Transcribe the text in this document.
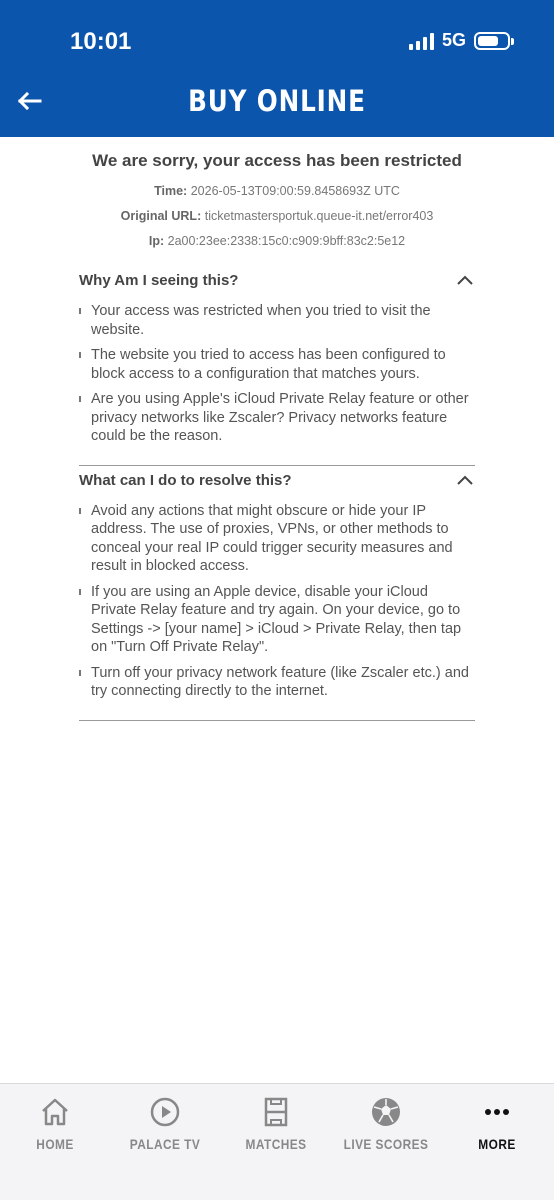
10:01	5G
BUY ONLINE
We are sorry, your access has been restricted
Time: 2026-05-13T09:00:59.8458693Z UTC
Original URL: ticketmastersportuk.queue-it.net/error403
Ip: 2a00:23ee:2338:15c0:c909:9bff:83c2:5e12
Why Am I seeing this?
Your access was restricted when you tried to visit the website.
The website you tried to access has been configured to block access to a configuration that matches yours.
Are you using Apple's iCloud Private Relay feature or other privacy networks like Zscaler? Privacy networks feature could be the reason.
What can I do to resolve this?
Avoid any actions that might obscure or hide your IP address. The use of proxies, VPNs, or other methods to conceal your real IP could trigger security measures and result in blocked access.
If you are using an Apple device, disable your iCloud Private Relay feature and try again. On your device, go to Settings -> [your name] > iCloud > Private Relay, then tap on "Turn Off Private Relay".
Turn off your privacy network feature (like Zscaler etc.) and try connecting directly to the internet.
HOME	PALACE TV	MATCHES	LIVE SCORES	MORE
